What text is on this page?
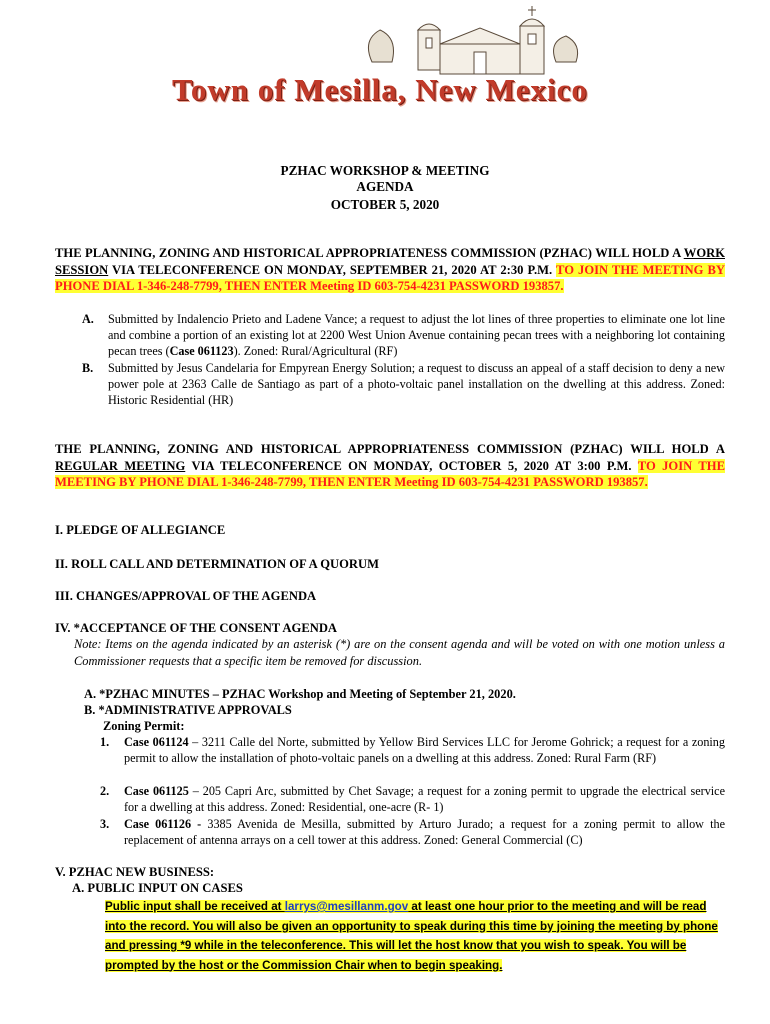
Town of Mesilla, New Mexico
PZHAC WORKSHOP & MEETING
AGENDA
OCTOBER 5, 2020
THE PLANNING, ZONING AND HISTORICAL APPROPRIATENESS COMMISSION (PZHAC) WILL HOLD A WORK SESSION VIA TELECONFERENCE ON MONDAY, SEPTEMBER 21, 2020 AT 2:30 P.M. TO JOIN THE MEETING BY PHONE DIAL 1-346-248-7799, THEN ENTER Meeting ID 603-754-4231 PASSWORD 193857.
A. Submitted by Indalencio Prieto and Ladene Vance; a request to adjust the lot lines of three properties to eliminate one lot line and combine a portion of an existing lot at 2200 West Union Avenue containing pecan trees with a neighboring lot containing pecan trees (Case 061123). Zoned: Rural/Agricultural (RF)
B. Submitted by Jesus Candelaria for Empyrean Energy Solution; a request to discuss an appeal of a staff decision to deny a new power pole at 2363 Calle de Santiago as part of a photo-voltaic panel installation on the dwelling at this address. Zoned: Historic Residential (HR)
THE PLANNING, ZONING AND HISTORICAL APPROPRIATENESS COMMISSION (PZHAC) WILL HOLD A REGULAR MEETING VIA TELECONFERENCE ON MONDAY, OCTOBER 5, 2020 AT 3:00 P.M. TO JOIN THE MEETING BY PHONE DIAL 1-346-248-7799, THEN ENTER Meeting ID 603-754-4231 PASSWORD 193857.
I. PLEDGE OF ALLEGIANCE
II. ROLL CALL AND DETERMINATION OF A QUORUM
III. CHANGES/APPROVAL OF THE AGENDA
IV. *ACCEPTANCE OF THE CONSENT AGENDA
Note: Items on the agenda indicated by an asterisk (*) are on the consent agenda and will be voted on with one motion unless a Commissioner requests that a specific item be removed for discussion.
A. *PZHAC MINUTES – PZHAC Workshop and Meeting of September 21, 2020.
B. *ADMINISTRATIVE APPROVALS
Zoning Permit:
1. Case 061124 – 3211 Calle del Norte, submitted by Yellow Bird Services LLC for Jerome Gohrick; a request for a zoning permit to allow the installation of photo-voltaic panels on a dwelling at this address. Zoned: Rural Farm (RF)
2. Case 061125 – 205 Capri Arc, submitted by Chet Savage; a request for a zoning permit to upgrade the electrical service for a dwelling at this address. Zoned: Residential, one-acre (R- 1)
3. Case 061126 - 3385 Avenida de Mesilla, submitted by Arturo Jurado; a request for a zoning permit to allow the replacement of antenna arrays on a cell tower at this address. Zoned: General Commercial (C)
V. PZHAC NEW BUSINESS:
A. PUBLIC INPUT ON CASES
Public input shall be received at larrys@mesillanm.gov at least one hour prior to the meeting and will be read into the record. You will also be given an opportunity to speak during this time by joining the meeting by phone and pressing *9 while in the teleconference. This will let the host know that you wish to speak. You will be prompted by the host or the Commission Chair when to begin speaking.
